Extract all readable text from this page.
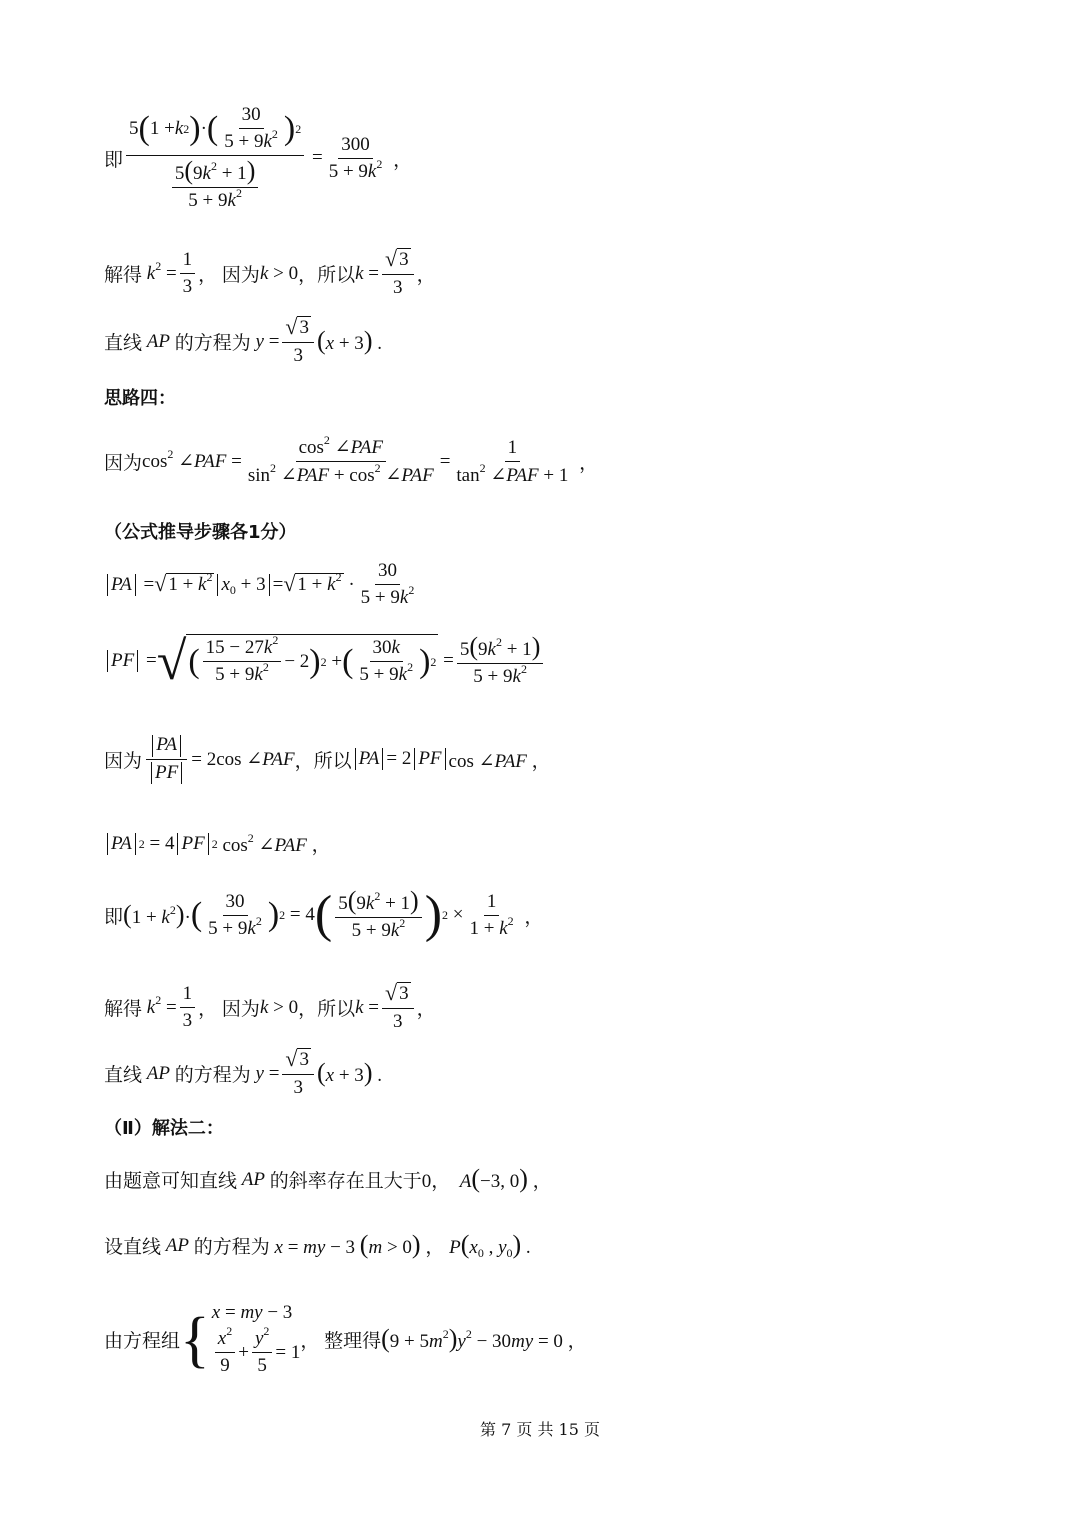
即 $\frac{5 ( 1 + k 2 ) \cdot ( \frac{30}{5 + 9k^2} ) 2}{\frac{5(9k^2 + 1)}{5 + 9k^2}} = \frac{300}{5 + 9k^2}$ ，
解得 $k^2 = \frac{1}{3}$ ， 因为 k > 0 ，所以 $k = \frac{√ 3}{3}$ ，
直线 AP 的方程为 $y = \frac{√ 3}{3} (x + 3)$ .
思路四：
因为 $\cos^2$ ∠PAF = $\frac{\cos^2 \angle PAF}{\sin^2 \angle PAF + \cos^2 \angle PAF} = \frac{1}{\tan^2 \angle PAF + 1}$ ，
（公式推导步骤各1分）
PA = √ $1 + k^2$ $x_0 + 3$ = √ $1 + k^2 \cdot \frac{30}{5 + 9k^2}$
PF = √ ( $\frac{15 - 27k^2}{5 + 9k^2} - 2$ ) 2 + ( $\frac{30k}{5 + 9k^2}$ ) $2 = \frac{5(9k^2 + 1)}{5 + 9k^2}$
因为 $\frac{PA}{PF} = 2\cos$ ∠PAF ，所以 PA = 2 PF cos ∠PAF ，
PA 2 = 4 PF 2 $\cos^2$ ∠PAF ，
即 $(1 + k^2)\cdot$ ( $\frac{30}{5 + 9k^2}$ ) 2 = 4 ( $\frac{5(9k^2 + 1)}{5 + 9k^2}$ ) $2 \times \frac{1}{1 + k^2}$ ，
解得 $k^2 = \frac{1}{3}$ ， 因为 k > 0 ，所以 $k = \frac{√ 3}{3}$ ，
直线 AP 的方程为 $y = \frac{√ 3}{3} (x + 3)$ .
（Ⅱ）解法二：
由题意可知直线 AP 的斜率存在且大于0， A(−3, 0) ，
设直线 AP 的方程为 x = my − 3 (m > 0) ， $P(x_0$ , $y_0$) .
由方程组 { x = my − 3
$\frac{x^2}{9} + \frac{y^2}{5} = 1$ ， 整理得 $(9 + 5m^2)y^2 - 30my = 0$ ，
第 7 页 共 15 页
